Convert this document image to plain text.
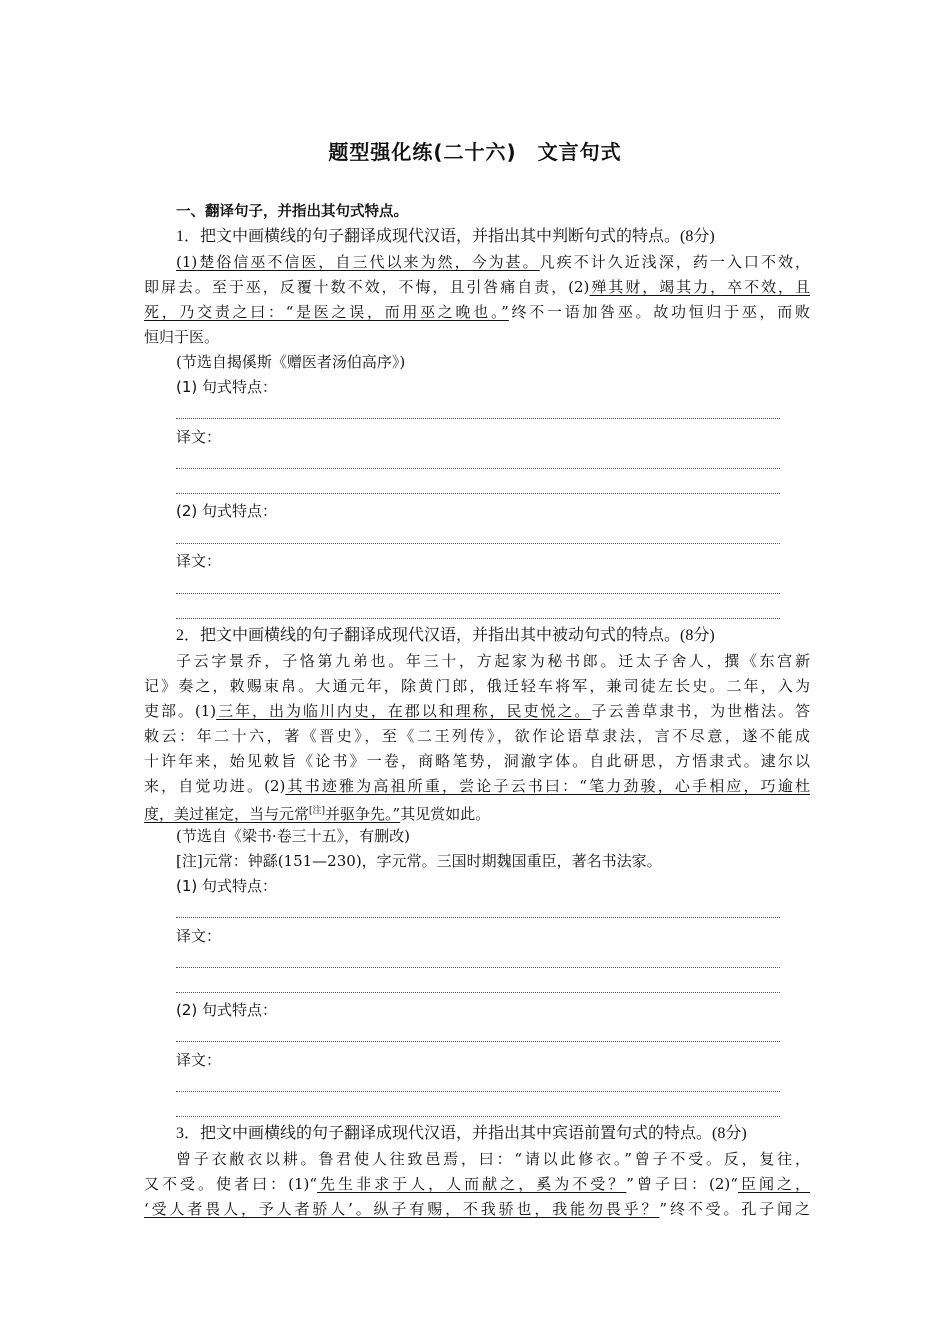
题型强化练(二十六)　文言句式
一、翻译句子，并指出其句式特点。
1．把文中画横线的句子翻译成现代汉语，并指出其中判断句式的特点。(8分)
(1)楚俗信巫不信医，自三代以来为然，今为甚。凡疾不计久近浅深，药一入口不效，
即屏去。至于巫，反覆十数不效，不悔，且引咎痛自责，(2)殚其财，竭其力，卒不效，且
死，乃交责之曰：“是医之误，而用巫之晚也。”终不一语加咎巫。故功恒归于巫，而败
恒归于医。
(节选自揭傒斯《赠医者汤伯高序》)
(1) 句式特点：
译文：
(2) 句式特点：
译文：
2．把文中画横线的句子翻译成现代汉语，并指出其中被动句式的特点。(8分)
子云字景乔，子恪第九弟也。年三十，方起家为秘书郎。迁太子舍人，撰《东宫新
记》奏之，敕赐束帛。大通元年，除黄门郎，俄迁轻车将军，兼司徒左长史。二年，入为
吏部。(1)三年，出为临川内史，在郡以和理称，民吏悦之。子云善草隶书，为世楷法。答
敕云：年二十六，著《晋史》，至《二王列传》，欲作论语草隶法，言不尽意，遂不能成
十许年来，始见敕旨《论书》一卷，商略笔势，洞澈字体。自此研思，方悟隶式。逮尔以
来，自觉功进。(2)其书迹雅为高祖所重，尝论子云书曰：“笔力劲骏，心手相应，巧逾杜
度，美过崔定，当与元常[注]并驱争先。”其见赏如此。
(节选自《梁书·卷三十五》，有删改)
[注]元常：钟繇(151—230)，字元常。三国时期魏国重臣，著名书法家。
(1) 句式特点：
译文：
(2) 句式特点：
译文：
3．把文中画横线的句子翻译成现代汉语，并指出其中宾语前置句式的特点。(8分)
曾子衣敝衣以耕。鲁君使人往致邑焉，曰：“请以此修衣。”曾子不受。反，复往，
又不受。使者曰：(1)“先生非求于人，人而献之，奚为不受？”曾子曰：(2)“臣闻之，
‘受人者畏人，予人者骄人’。纵子有赐，不我骄也，我能勿畏乎？”终不受。孔子闻之
